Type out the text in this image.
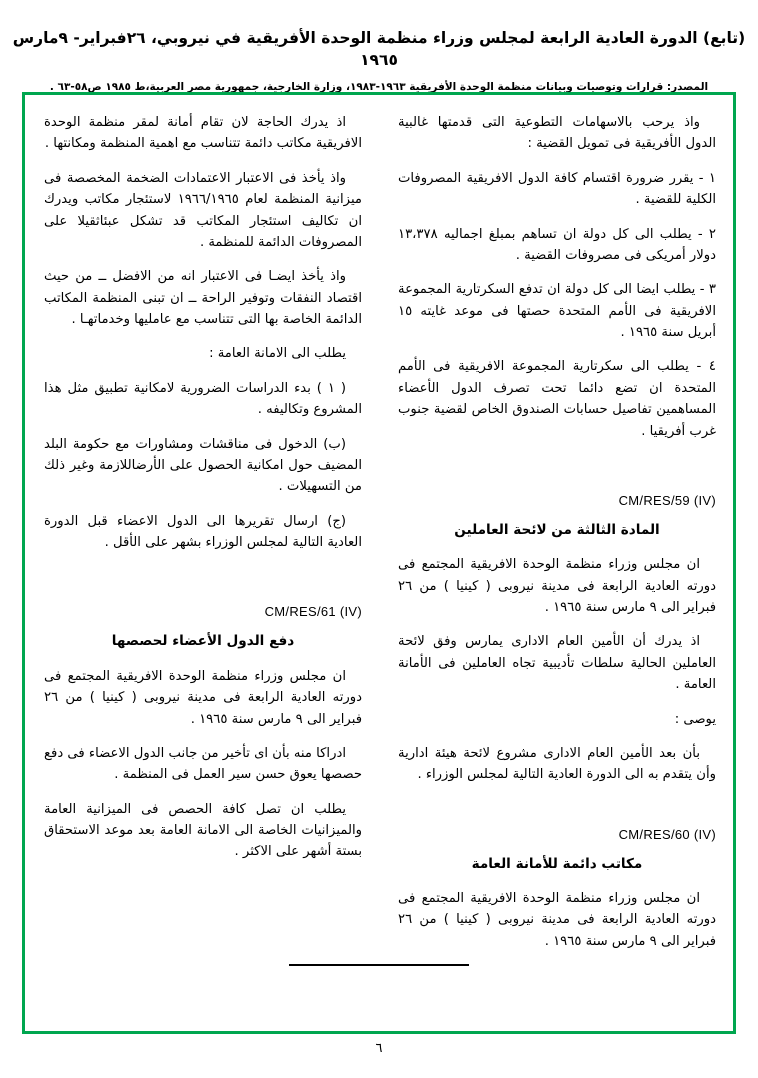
(تابع) الدورة العادية الرابعة لمجلس وزراء منظمة الوحدة الأفريقية في نيروبي، ٢٦فبراير- ٩مارس ١٩٦٥
المصدر: قرارات وتوصيات وبيانات منظمة الوحدة الأفريقية ١٩٦٣-١٩٨٣، وزارة الخارجية، جمهورية مصر العربية،ط ١٩٨٥ ص٥٨-٦٣ .

واذ يرحب بالاسهامات التطوعية التى قدمتها غالبية الدول الأفريقية فى تمويل القضية :

١ - يقرر ضرورة اقتسام كافة الدول الافريقية المصروفات الكلية للقضية .

٢ - يطلب الى كل دولة ان تساهم بمبلغ اجماليه ١٣،٣٧٨ دولار أمريكى فى مصروفات القضية .

٣ - يطلب ايضا الى كل دولة ان تدفع السكرتارية المجموعة الافريقية فى الأمم المتحدة حصتها فى موعد غايته ١٥ أبريل سنة ١٩٦٥ .

٤ - يطلب الى سكرتارية المجموعة الافريقية فى الأمم المتحدة ان تضع دائما تحت تصرف الدول الأعضاء المساهمين تفاصيل حسابات الصندوق الخاص لقضية جنوب غرب أفريقيا .

CM/RES/59 (IV)
المادة الثالثة من لائحة العاملين

ان مجلس وزراء منظمة الوحدة الافريقية المجتمع فى دورته العادية الرابعة فى مدينة نيروبى ( كينيا ) من ٢٦ فبراير الى ٩ مارس سنة ١٩٦٥ .

اذ يدرك أن الأمين العام الادارى يمارس وفق لائحة العاملين الحالية سلطات تأديبية تجاه العاملين فى الأمانة العامة .

يوصى :

بأن بعد الأمين العام الادارى مشروع لائحة هيئة ادارية وأن يتقدم به الى الدورة العادية التالية لمجلس الوزراء .

CM/RES/60 (IV)
مكاتب دائمة للأمانة العامة

ان مجلس وزراء منظمة الوحدة الافريقية المجتمع فى دورته العادية الرابعة فى مدينة نيروبى ( كينيا ) من ٢٦ فبراير الى ٩ مارس سنة ١٩٦٥ .

اذ يدرك الحاجة لان تقام أمانة لمقر منظمة الوحدة الافريقية مكاتب دائمة تتناسب مع اهمية المنظمة ومكانتها .

واذ يأخذ فى الاعتبار الاعتمادات الضخمة المخصصة فى ميزانية المنظمة لعام ١٩٦٦/١٩٦٥ لاستئجار مكاتب ويدرك ان تكاليف استئجار المكاتب قد تشكل عبئاثقيلا على المصروفات الدائمة للمنظمة .

واذ يأخذ ايضـا فى الاعتبار انه من الافضل ــ من حيث اقتصاد النفقات وتوفير الراحة ــ ان تبنى المنظمة المكاتب الدائمة الخاصة بها التى تتناسب مع عامليها وخدماتهـا .

يطلب الى الامانة العامة :

( ١ ) بدء الدراسات الضرورية لامكانية تطبيق مثل هذا المشروع وتكاليفه .

(ب) الدخول فى مناقشات ومشاورات مع حكومة البلد المضيف حول امكانية الحصول على الأرضاللازمة وغير ذلك من التسهيلات .

(ج) ارسال تقريرها الى الدول الاعضاء قبل الدورة العادية التالية لمجلس الوزراء بشهر على الأقل .

CM/RES/61 (IV)
دفع الدول الأعضاء لحصصها

ان مجلس وزراء منظمة الوحدة الافريقية المجتمع فى دورته العادية الرابعة فى مدينة نيروبى ( كينيا ) من ٢٦ فبراير الى ٩ مارس سنة ١٩٦٥ .

ادراكا منه بأن اى تأخير من جانب الدول الاعضاء فى دفع حصصها يعوق حسن سير العمل فى المنظمة .

يطلب ان تصل كافة الحصص فى الميزانية العامة والميزانيات الخاصة الى الامانة العامة بعد موعد الاستحقاق بستة أشهر على الاكثر .

٦
